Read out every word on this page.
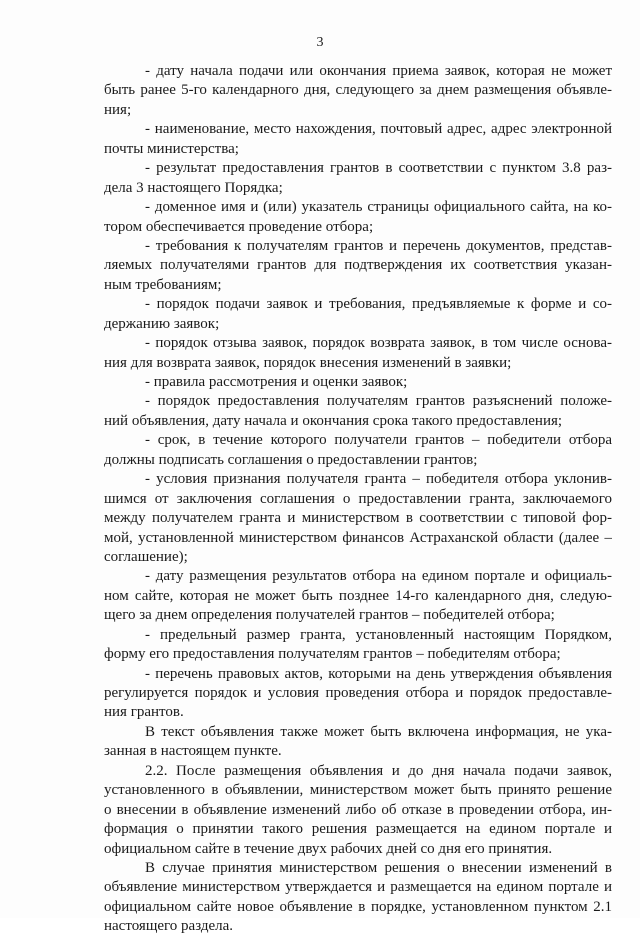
3
- дату начала подачи или окончания приема заявок, которая не может
быть ранее 5-го календарного дня, следующего за днем размещения объявле-
ния;
- наименование, место нахождения, почтовый адрес, адрес электронной
почты министерства;
- результат предоставления грантов в соответствии с пунктом 3.8 раз-
дела 3 настоящего Порядка;
- доменное имя и (или) указатель страницы официального сайта, на ко-
тором обеспечивается проведение отбора;
- требования к получателям грантов и перечень документов, представ-
ляемых получателями грантов для подтверждения их соответствия указан-
ным требованиям;
- порядок подачи заявок и требования, предъявляемые к форме и со-
держанию заявок;
- порядок отзыва заявок, порядок возврата заявок, в том числе основа-
ния для возврата заявок, порядок внесения изменений в заявки;
- правила рассмотрения и оценки заявок;
- порядок предоставления получателям грантов разъяснений положе-
ний объявления, дату начала и окончания срока такого предоставления;
- срок, в течение которого получатели грантов – победители отбора
должны подписать соглашения о предоставлении грантов;
- условия признания получателя гранта – победителя отбора уклонив-
шимся от заключения соглашения о предоставлении гранта, заключаемого
между получателем гранта и министерством в соответствии с типовой фор-
мой, установленной министерством финансов Астраханской области (далее –
соглашение);
- дату размещения результатов отбора на едином портале и официаль-
ном сайте, которая не может быть позднее 14-го календарного дня, следую-
щего за днем определения получателей грантов – победителей отбора;
- предельный размер гранта, установленный настоящим Порядком,
форму его предоставления получателям грантов – победителям отбора;
- перечень правовых актов, которыми на день утверждения объявления
регулируется порядок и условия проведения отбора и порядок предоставле-
ния грантов.
В текст объявления также может быть включена информация, не ука-
занная в настоящем пункте.
2.2. После размещения объявления и до дня начала подачи заявок,
установленного в объявлении, министерством может быть принято решение
о внесении в объявление изменений либо об отказе в проведении отбора, ин-
формация о принятии такого решения размещается на едином портале и
официальном сайте в течение двух рабочих дней со дня его принятия.
В случае принятия министерством решения о внесении изменений в
объявление министерством утверждается и размещается на едином портале и
официальном сайте новое объявление в порядке, установленном пунктом 2.1
настоящего раздела.
